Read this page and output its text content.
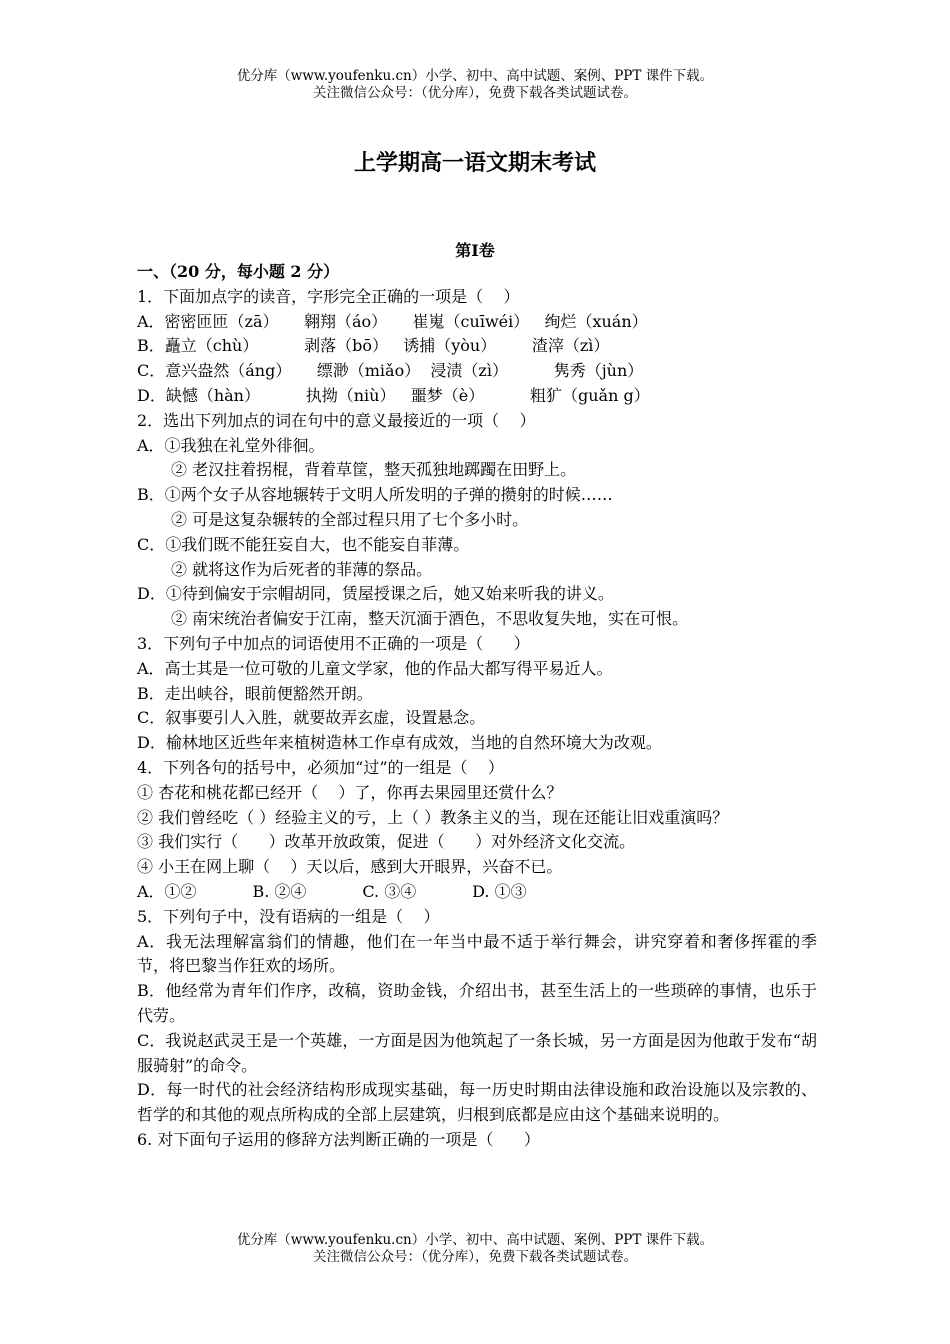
优分库（www.youfenku.cn）小学、初中、高中试题、案例、PPT 课件下载。
关注微信公众号：（优分库），免费下载各类试题试卷。
上学期高一语文期末考试
第Ⅰ卷
一、（20 分，每小题 2 分）
1．下面加点字的读音，字形完全正确的一项是（    ）
A．密密匝匝（zā）     翱翔（áo）     崔嵬（cuīwéi）   绚烂（xuán）
B．矗立（chù）         剥落（bō）   诱捕（yòu）       渣滓（zì）
C．意兴盎然（áng）     缥渺（miǎo）  浸渍（zì）         隽秀（jùn）
D．缺憾（hàn）         执拗（niù）   噩梦（è）         粗犷（guǎn g）
2．选出下列加点的词在句中的意义最接近的一项（    ）
A．①我独在礼堂外徘徊。
② 老汉拄着拐棍，背着草筐，整天孤独地踯躅在田野上。
B．①两个女子从容地辗转于文明人所发明的子弹的攒射的时候……
② 可是这复杂辗转的全部过程只用了七个多小时。
C．①我们既不能狂妄自大，也不能妄自菲薄。
② 就将这作为后死者的菲薄的祭品。
D．①待到偏安于宗帽胡同，赁屋授课之后，她又始来听我的讲义。
② 南宋统治者偏安于江南，整天沉湎于酒色，不思收复失地，实在可恨。
3．下列句子中加点的词语使用不正确的一项是（      ）
A．高士其是一位可敬的儿童文学家，他的作品大都写得平易近人。
B．走出峡谷，眼前便豁然开朗。
C．叙事要引人入胜，就要故弄玄虚，设置悬念。
D．榆林地区近些年来植树造林工作卓有成效，当地的自然环境大为改观。
4．下列各句的括号中，必须加“过”的一组是（    ）
① 杏花和桃花都已经开（    ）了，你再去果园里还赏什么？
② 我们曾经吃（ ）经验主义的亏，上（ ）教条主义的当，现在还能让旧戏重演吗？
③ 我们实行（      ）改革开放政策，促进（      ）对外经济文化交流。
④ 小王在网上聊（    ）天以后，感到大开眼界，兴奋不已。
A．①②           B. ②④           C. ③④           D. ①③
5．下列句子中，没有语病的一组是（    ）
A．我无法理解富翁们的情趣，他们在一年当中最不适于举行舞会，讲究穿着和奢侈挥霍的季节，将巴黎当作狂欢的场所。
B．他经常为青年们作序，改稿，资助金钱，介绍出书，甚至生活上的一些琐碎的事情，也乐于代劳。
C．我说赵武灵王是一个英雄，一方面是因为他筑起了一条长城，另一方面是因为他敢于发布“胡服骑射”的命令。
D．每一时代的社会经济结构形成现实基础，每一历史时期由法律设施和政治设施以及宗教的、哲学的和其他的观点所构成的全部上层建筑，归根到底都是应由这个基础来说明的。
6. 对下面句子运用的修辞方法判断正确的一项是（      ）
优分库（www.youfenku.cn）小学、初中、高中试题、案例、PPT 课件下载。
关注微信公众号：（优分库），免费下载各类试题试卷。
